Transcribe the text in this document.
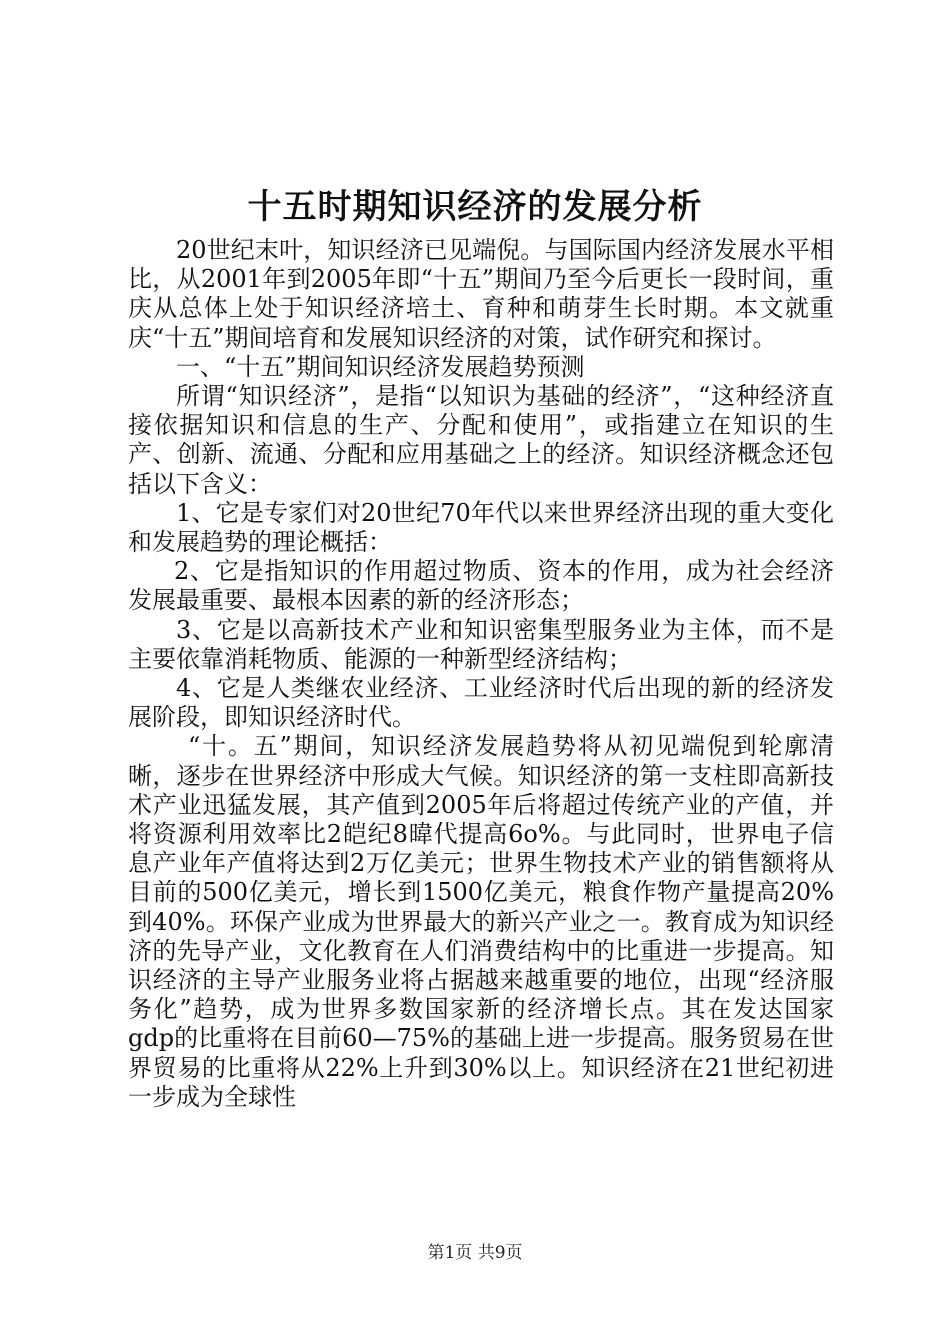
十五时期知识经济的发展分析

20世纪末叶，知识经济已见端倪。与国际国内经济发展水平相比，从2001年到2005年即“十五”期间乃至今后更长一段时间，重庆从总体上处于知识经济培土、育种和萌芽生长时期。本文就重庆“十五”期间培育和发展知识经济的对策，试作研究和探讨。

一、“十五”期间知识经济发展趋势预测

所谓“知识经济”，是指“以知识为基础的经济”，“这种经济直接依据知识和信息的生产、分配和使用”，或指建立在知识的生产、创新、流通、分配和应用基础之上的经济。知识经济概念还包括以下含义：

1、它是专家们对20世纪70年代以来世界经济出现的重大变化和发展趋势的理论概括：

2、它是指知识的作用超过物质、资本的作用，成为社会经济发展最重要、最根本因素的新的经济形态；

3、它是以高新技术产业和知识密集型服务业为主体，而不是主要依靠消耗物质、能源的一种新型经济结构；

4、它是人类继农业经济、工业经济时代后出现的新的经济发展阶段，即知识经济时代。

“十。五”期间，知识经济发展趋势将从初见端倪到轮廓清晰，逐步在世界经济中形成大气候。知识经济的第一支柱即高新技术产业迅猛发展，其产值到2005年后将超过传统产业的产值，并将资源利用效率比2皑纪8暐代提高6o%。与此同时，世界电子信息产业年产值将达到2万亿美元；世界生物技术产业的销售额将从目前的500亿美元，增长到1500亿美元，粮食作物产量提高20%到40%。环保产业成为世界最大的新兴产业之一。教育成为知识经济的先导产业，文化教育在人们消费结构中的比重进一步提高。知识经济的主导产业服务业将占据越来越重要的地位，出现“经济服务化”趋势，成为世界多数国家新的经济增长点。其在发达国家gdp的比重将在目前60—75%的基础上进一步提高。服务贸易在世界贸易的比重将从22%上升到30%以上。知识经济在21世纪初进一步成为全球性

第1页 共9页
